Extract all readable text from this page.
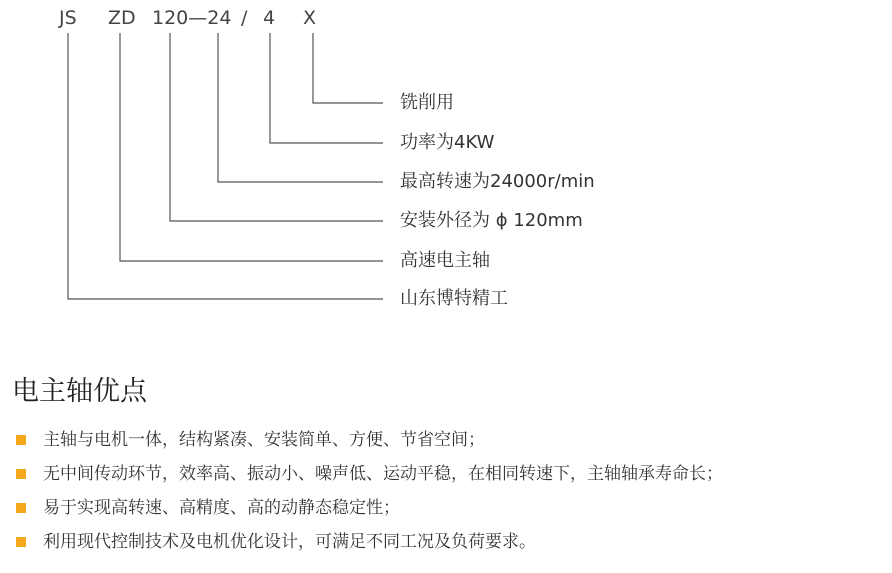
JS ZD 120—24 / 4 X
铣削用
功率为4KW
最高转速为24000r/min
安装外径为 ϕ 120mm
高速电主轴
山东博特精工
电主轴优点
主轴与电机一体，结构紧凑、安装简单、方便、节省空间；
无中间传动环节，效率高、振动小、噪声低、运动平稳，在相同转速下，主轴轴承寿命长；
易于实现高转速、高精度、高的动静态稳定性；
利用现代控制技术及电机优化设计，可满足不同工况及负荷要求。
